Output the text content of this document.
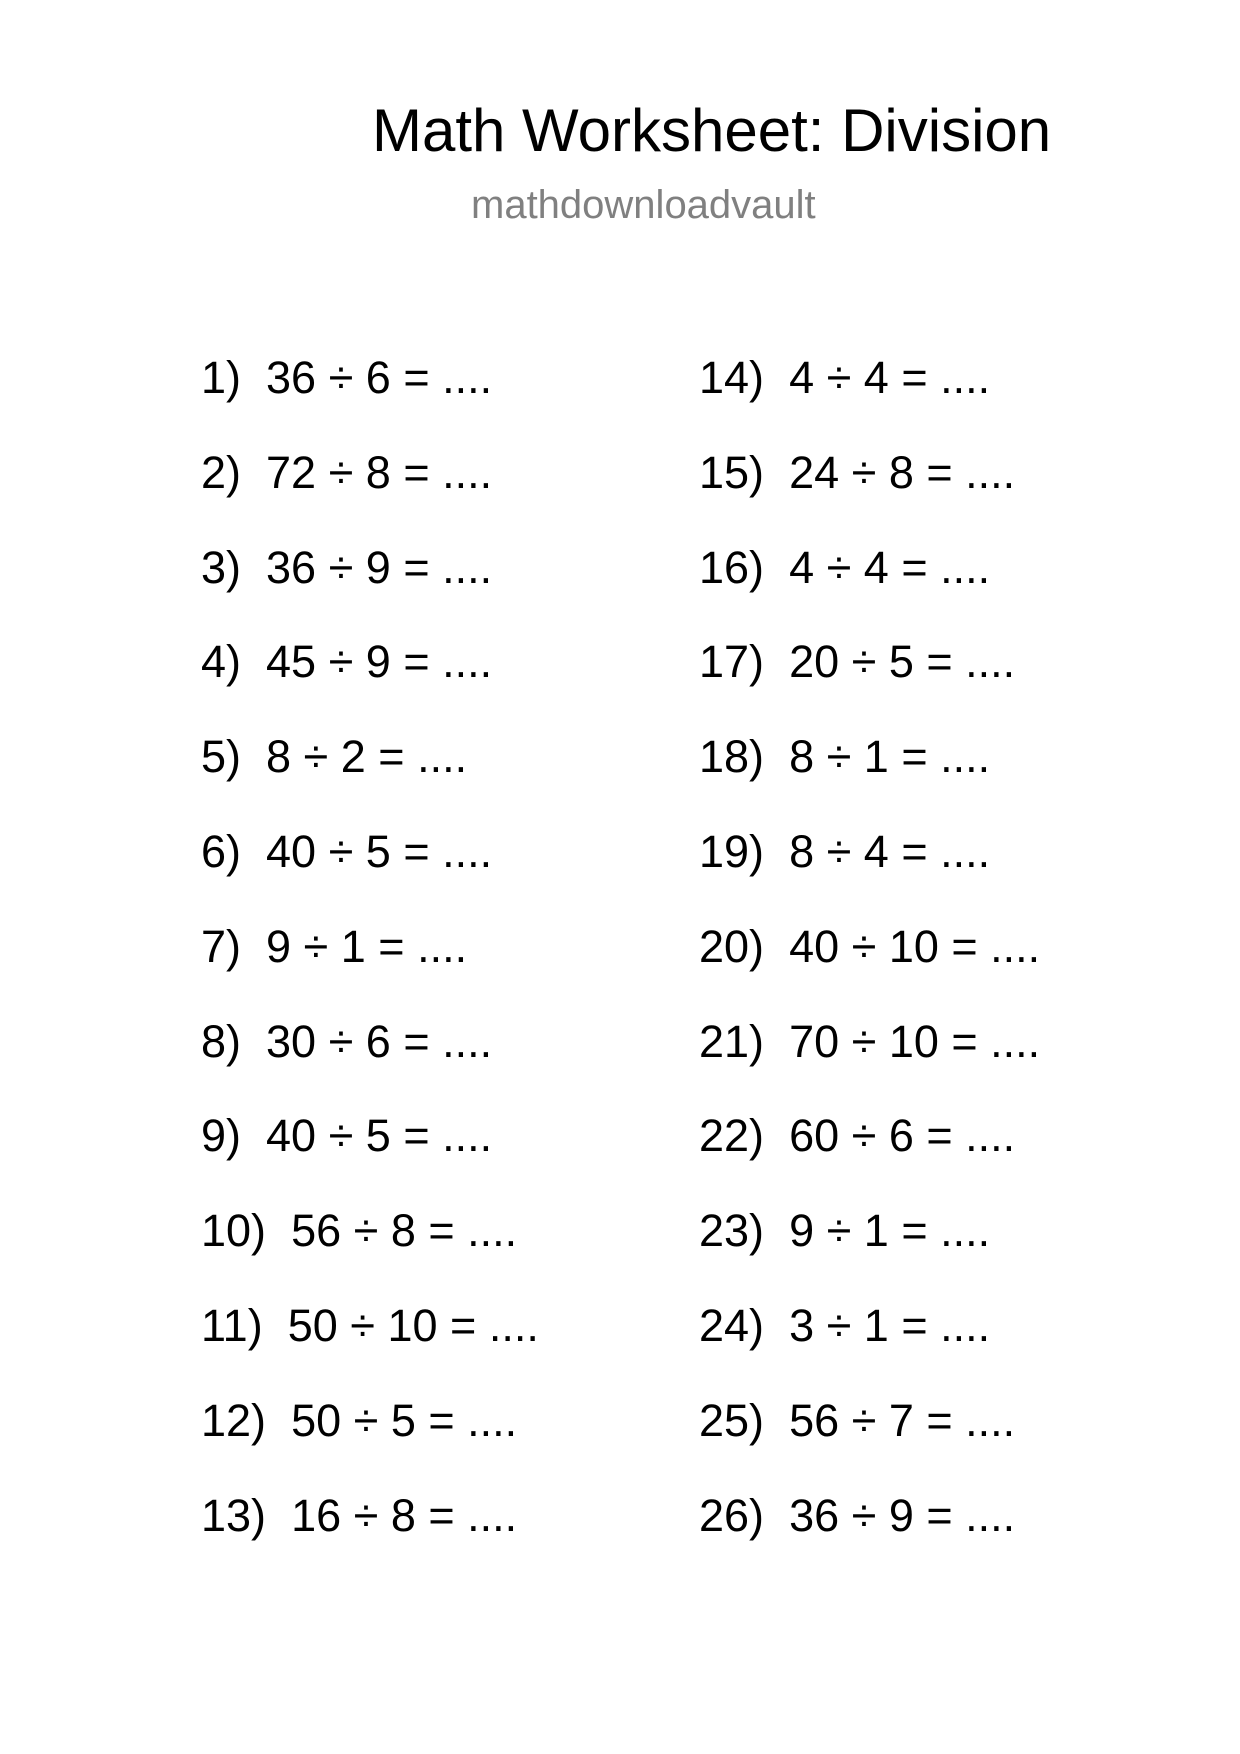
Math Worksheet: Division
mathdownloadvault
1) 36 ÷ 6 = ....
2) 72 ÷ 8 = ....
3) 36 ÷ 9 = ....
4) 45 ÷ 9 = ....
5) 8 ÷ 2 = ....
6) 40 ÷ 5 = ....
7) 9 ÷ 1 = ....
8) 30 ÷ 6 = ....
9) 40 ÷ 5 = ....
10) 56 ÷ 8 = ....
11) 50 ÷ 10 = ....
12) 50 ÷ 5 = ....
13) 16 ÷ 8 = ....
14) 4 ÷ 4 = ....
15) 24 ÷ 8 = ....
16) 4 ÷ 4 = ....
17) 20 ÷ 5 = ....
18) 8 ÷ 1 = ....
19) 8 ÷ 4 = ....
20) 40 ÷ 10 = ....
21) 70 ÷ 10 = ....
22) 60 ÷ 6 = ....
23) 9 ÷ 1 = ....
24) 3 ÷ 1 = ....
25) 56 ÷ 7 = ....
26) 36 ÷ 9 = ....
